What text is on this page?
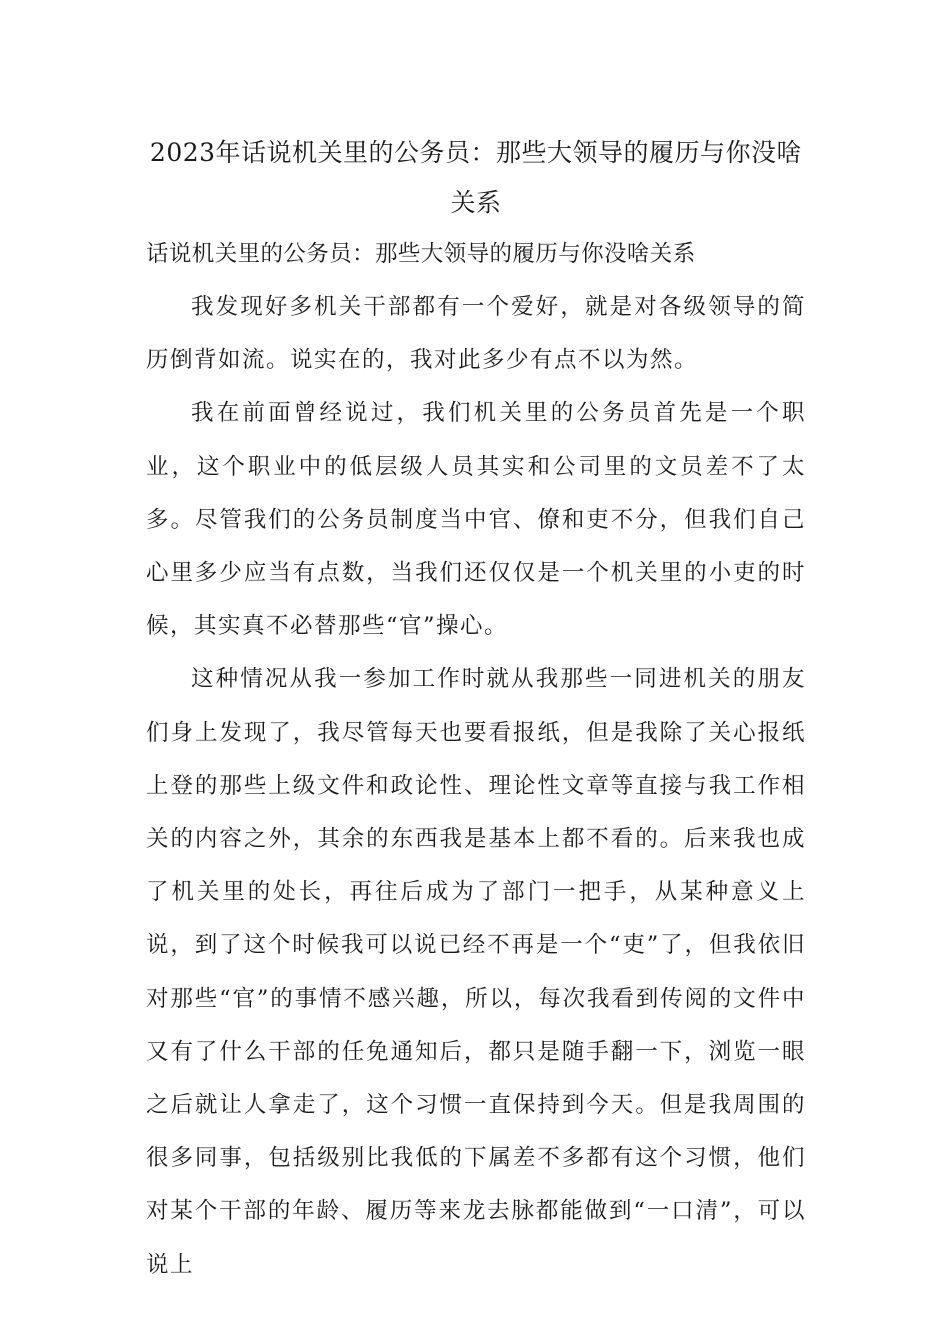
2023年话说机关里的公务员：那些大领导的履历与你没啥关系

话说机关里的公务员：那些大领导的履历与你没啥关系

我发现好多机关干部都有一个爱好，就是对各级领导的简历倒背如流。说实在的，我对此多少有点不以为然。

我在前面曾经说过，我们机关里的公务员首先是一个职业，这个职业中的低层级人员其实和公司里的文员差不了太多。尽管我们的公务员制度当中官、僚和吏不分，但我们自己心里多少应当有点数，当我们还仅仅是一个机关里的小吏的时候，其实真不必替那些“官”操心。

这种情况从我一参加工作时就从我那些一同进机关的朋友们身上发现了，我尽管每天也要看报纸，但是我除了关心报纸上登的那些上级文件和政论性、理论性文章等直接与我工作相关的内容之外，其余的东西我是基本上都不看的。后来我也成了机关里的处长，再往后成为了部门一把手，从某种意义上说，到了这个时候我可以说已经不再是一个“吏”了，但我依旧对那些“官”的事情不感兴趣，所以，每次我看到传阅的文件中又有了什么干部的任免通知后，都只是随手翻一下，浏览一眼之后就让人拿走了，这个习惯一直保持到今天。但是我周围的很多同事，包括级别比我低的下属差不多都有这个习惯，他们对某个干部的年龄、履历等来龙去脉都能做到“一口清”，可以说上
